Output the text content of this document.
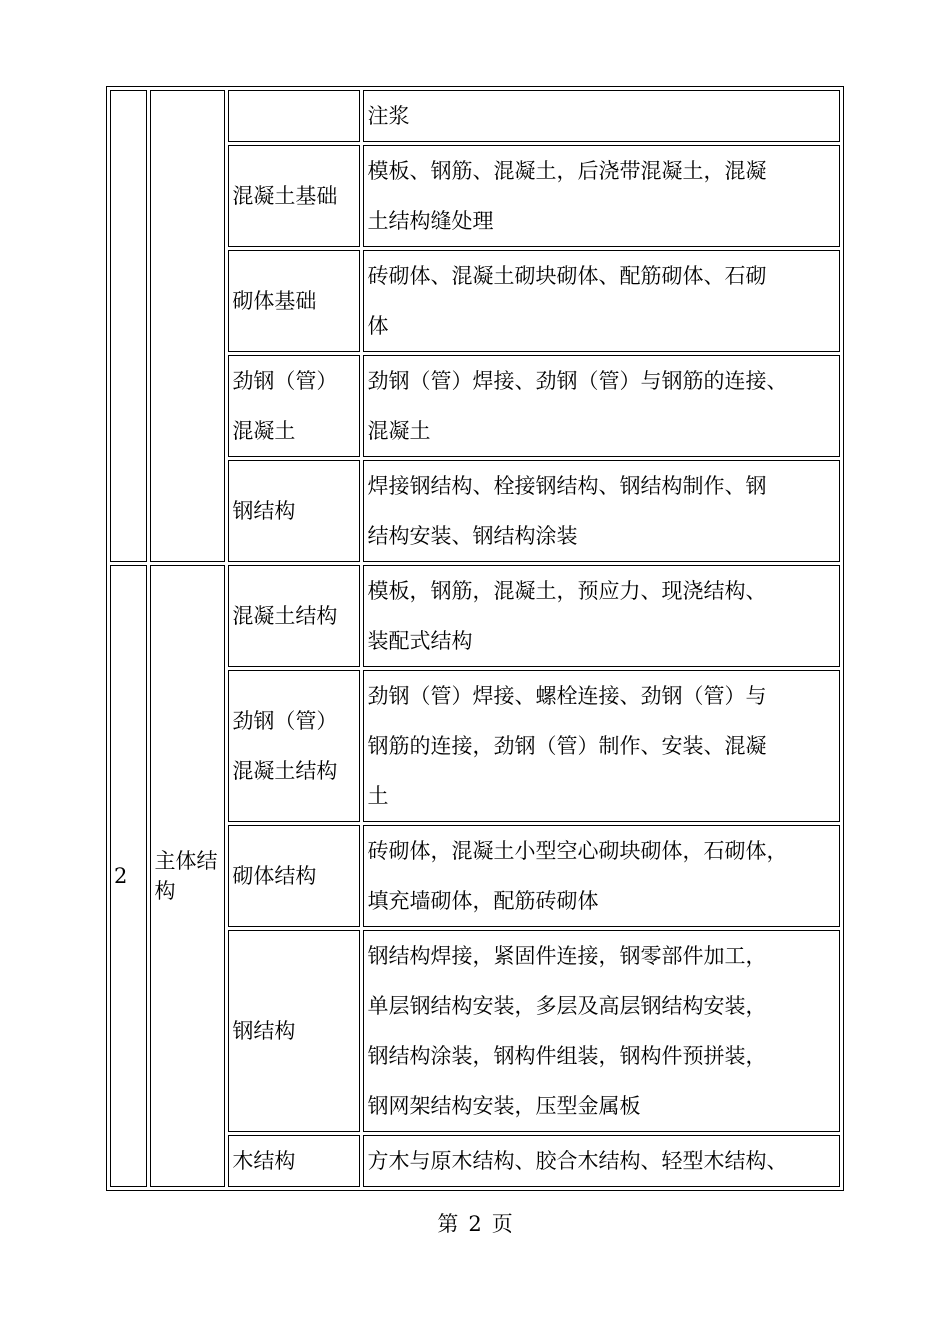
			注浆

		混凝土基础	模板、钢筋、混凝土，后浇带混凝土，混凝
土结构缝处理

		砌体基础	砖砌体、混凝土砌块砌体、配筋砌体、石砌
体

		劲钢（管）
混凝土	劲钢（管）焊接、劲钢（管）与钢筋的连接、
混凝土

		钢结构	焊接钢结构、栓接钢结构、钢结构制作、钢
结构安装、钢结构涂装

2	主体结构	混凝土结构	模板，钢筋，混凝土，预应力、现浇结构、
装配式结构

		劲钢（管）
混凝土结构	劲钢（管）焊接、螺栓连接、劲钢（管）与
钢筋的连接，劲钢（管）制作、安装、混凝
土

		砌体结构	砖砌体，混凝土小型空心砌块砌体，石砌体，
填充墙砌体，配筋砖砌体

		钢结构	钢结构焊接，紧固件连接，钢零部件加工，
单层钢结构安装，多层及高层钢结构安装，
钢结构涂装，钢构件组装，钢构件预拼装，
钢网架结构安装，压型金属板

		木结构	方木与原木结构、胶合木结构、轻型木结构、
第 2 页
